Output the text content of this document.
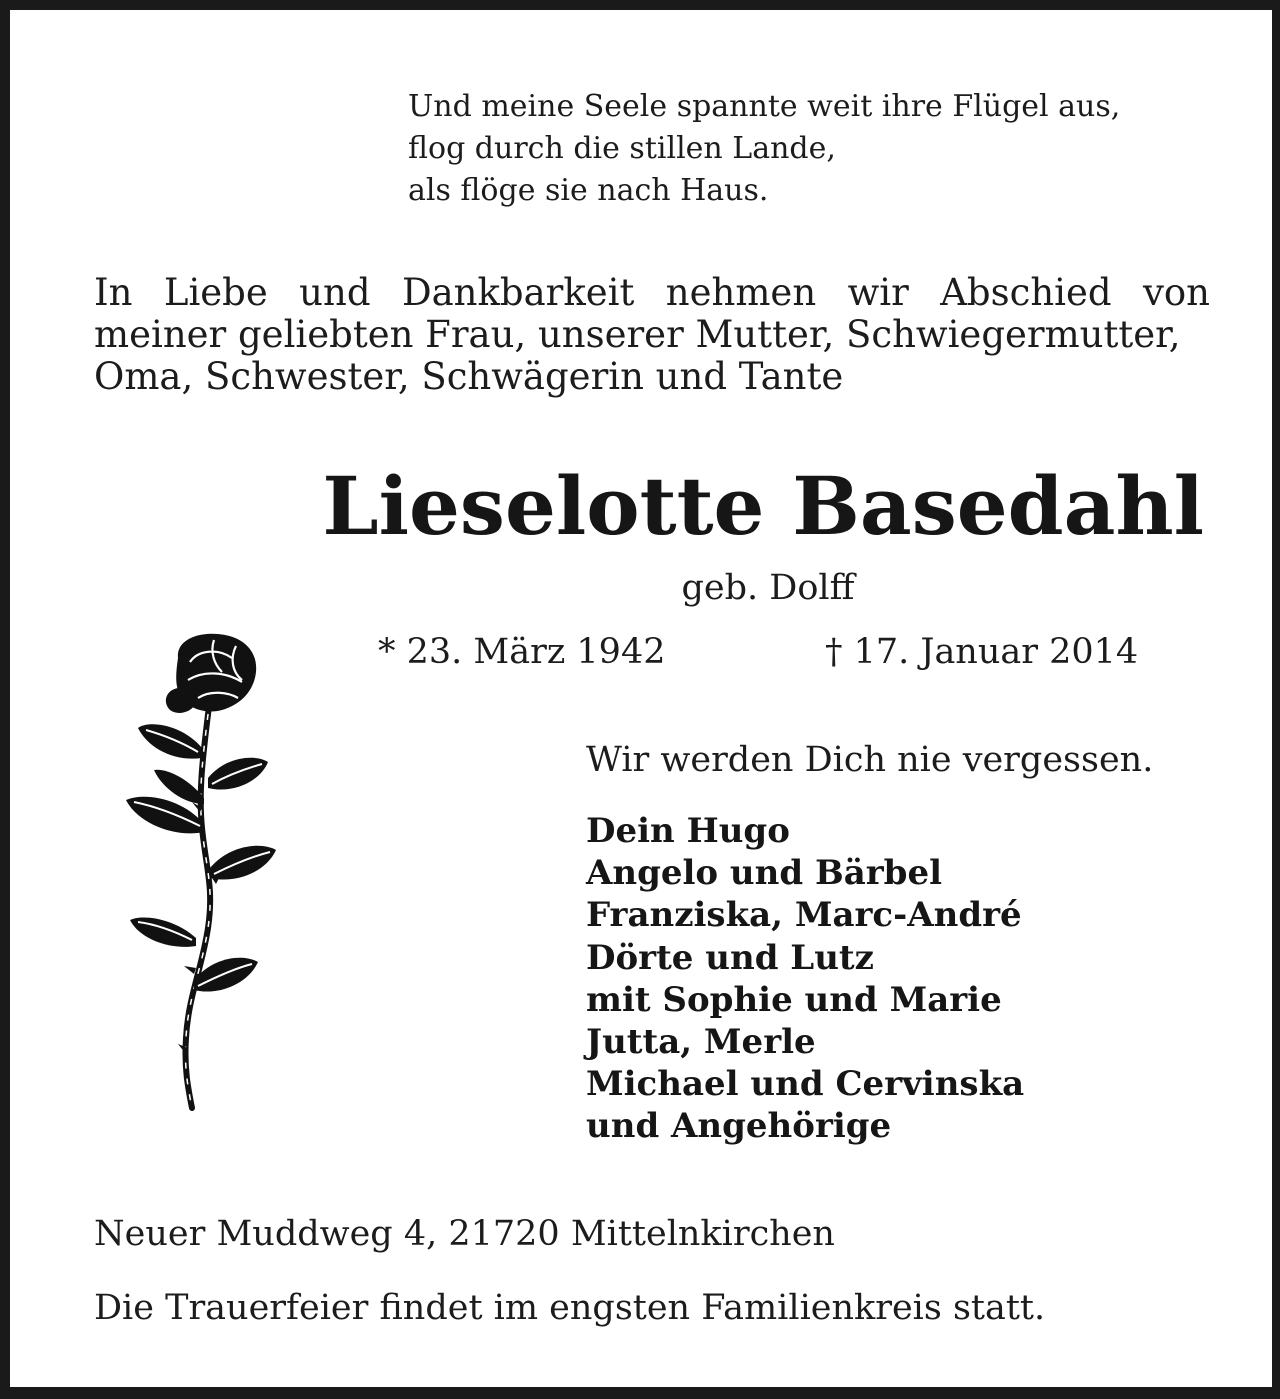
Und meine Seele spannte weit ihre Flügel aus,
flog durch die stillen Lande,
als flöge sie nach Haus.
In Liebe und Dankbarkeit nehmen wir Abschied von
meiner geliebten Frau, unserer Mutter, Schwiegermutter,
Oma, Schwester, Schwägerin und Tante
Lieselotte Basedahl
geb. Dolff
* 23. März 1942	† 17. Januar 2014
Wir werden Dich nie vergessen.
Dein Hugo
Angelo und Bärbel
Franziska, Marc-André
Dörte und Lutz
mit Sophie und Marie
Jutta, Merle
Michael und Cervinska
und Angehörige
Neuer Muddweg 4, 21720 Mittelnkirchen
Die Trauerfeier findet im engsten Familienkreis statt.
